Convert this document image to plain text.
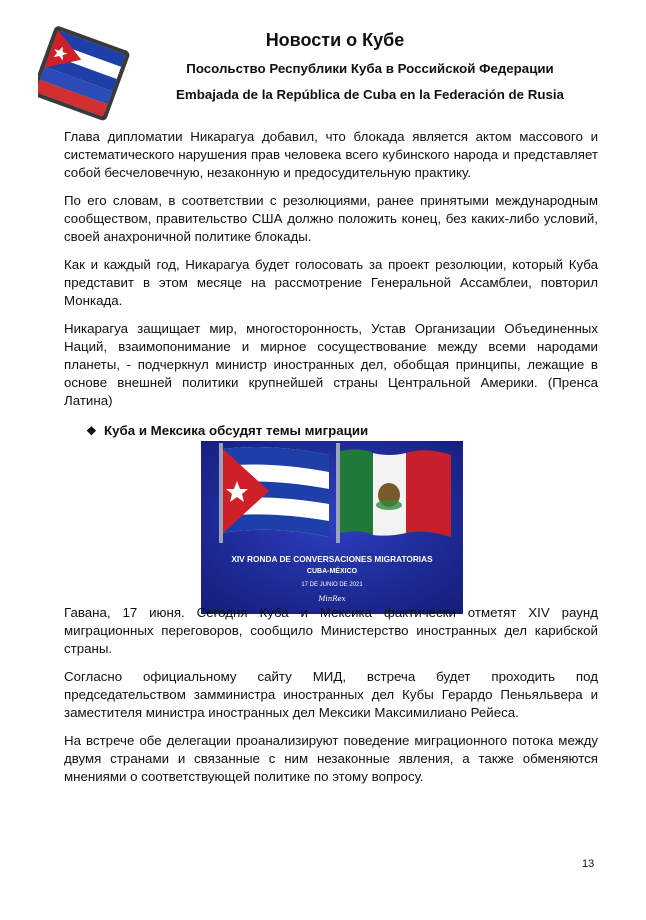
Новости о Кубе
Посольство Республики Куба в Российской Федерации
Embajada de la República de Cuba en la Federación de Rusia

Глава дипломатии Никарагуа добавил, что блокада является актом массового и систематического нарушения прав человека всего кубинского народа и представляет собой бесчеловечную, незаконную и предосудительную практику.

По его словам, в соответствии с резолюциями, ранее принятыми международным сообществом, правительство США должно положить конец, без каких-либо условий, своей анахроничной политике блокады.

Как и каждый год, Никарагуа будет голосовать за проект резолюции, который Куба представит в этом месяце на рассмотрение Генеральной Ассамблеи, повторил Монкада.

Никарагуа защищает мир, многосторонность, Устав Организации Объединенных Наций, взаимопонимание и мирное сосуществование между всеми народами планеты, - подчеркнул министр иностранных дел, обобщая принципы, лежащие в основе внешней политики крупнейшей страны Центральной Америки. (Пренса Латина)

❖ Куба и Мексика обсудят темы миграции
XIV RONDA DE CONVERSACIONES MIGRATORIAS
CUBA-MÉXICO
17 DE JUNIO DE 2021
MinRex

Гавана, 17 июня. Сегодня Куба и Мексика фактически отметят XIV раунд миграционных переговоров, сообщило Министерство иностранных дел карибской страны.

Согласно официальному сайту МИД, встреча будет проходить под председательством замминистра иностранных дел Кубы Герардо Пеньяльвера и заместителя министра иностранных дел Мексики Максимилиано Рейеса.

На встрече обе делегации проанализируют поведение миграционного потока между двумя странами и связанные с ним незаконные явления, а также обменяются мнениями о соответствующей политике по этому вопросу.

13
